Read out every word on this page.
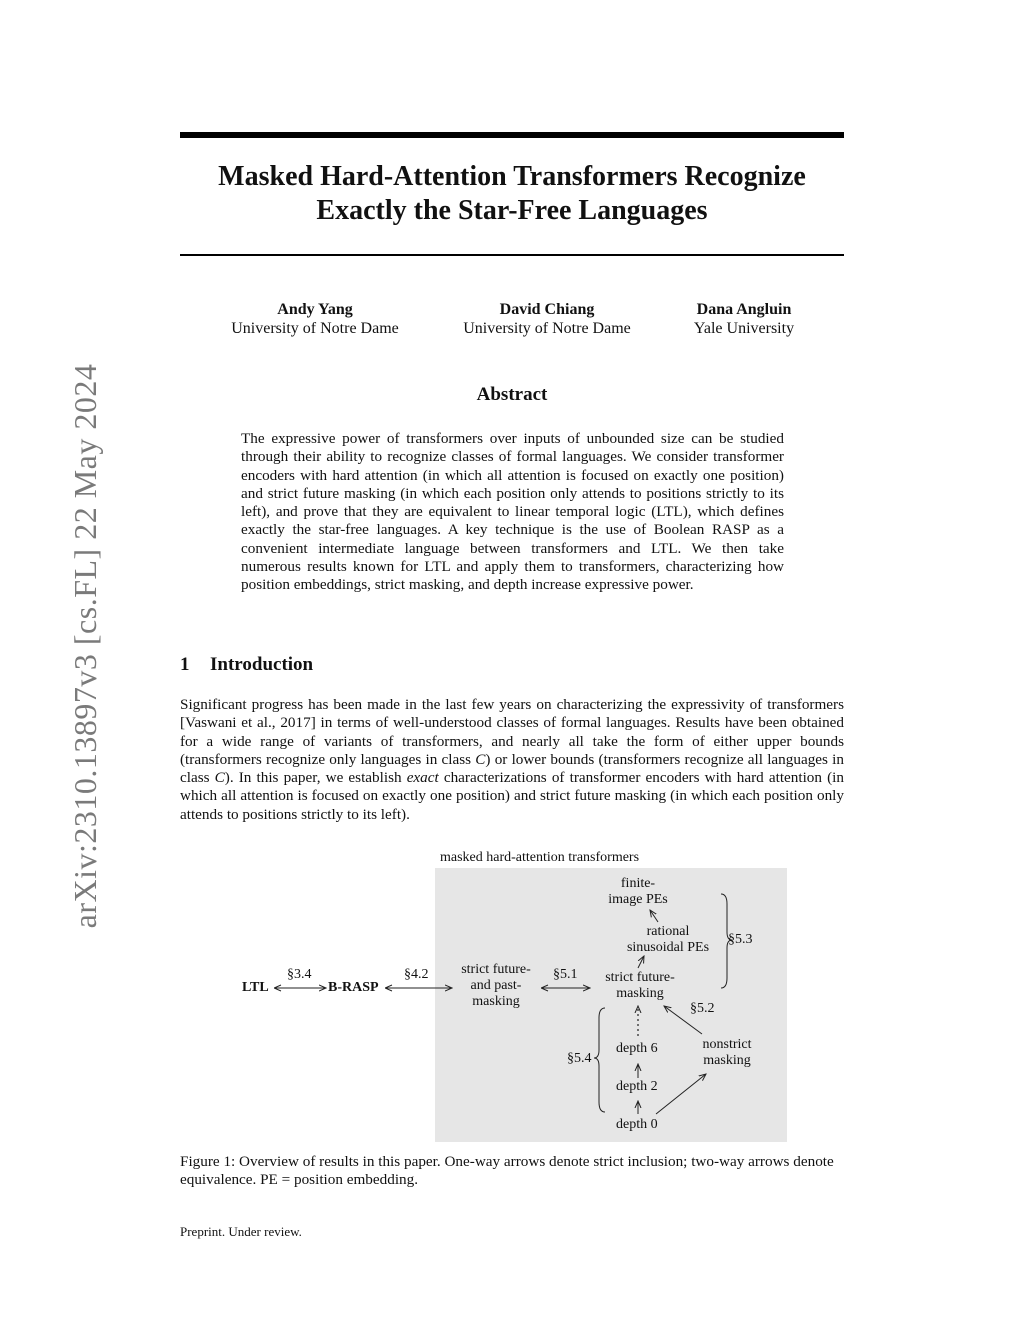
arXiv:2310.13897v3 [cs.FL] 22 May 2024
Masked Hard-Attention Transformers Recognize
Exactly the Star-Free Languages
Andy Yang
University of Notre Dame
David Chiang
University of Notre Dame
Dana Angluin
Yale University
Abstract
The expressive power of transformers over inputs of unbounded size can be studied through their ability to recognize classes of formal languages. We consider transformer encoders with hard attention (in which all attention is focused on exactly one position) and strict future masking (in which each position only attends to positions strictly to its left), and prove that they are equivalent to linear temporal logic (LTL), which defines exactly the star-free languages. A key technique is the use of Boolean RASP as a convenient intermediate language between transformers and LTL. We then take numerous results known for LTL and apply them to transformers, characterizing how position embeddings, strict masking, and depth increase expressive power.
1 Introduction
Significant progress has been made in the last few years on characterizing the expressivity of transformers [Vaswani et al., 2017] in terms of well-understood classes of formal languages. Results have been obtained for a wide range of variants of transformers, and nearly all take the form of either upper bounds (transformers recognize only languages in class C) or lower bounds (transformers recognize all languages in class C). In this paper, we establish exact characterizations of transformer encoders with hard attention (in which all attention is focused on exactly one position) and strict future masking (in which each position only attends to positions strictly to its left).
masked hard-attention transformers
LTL	B-RASP
§3.4	§4.2	§5.1
strict future-
and past-
masking
strict future-
masking
finite-
image PEs
rational
sinusoidal PEs
§5.3
§5.2
§5.4
nonstrict
masking
depth 6
depth 2
depth 0
Figure 1: Overview of results in this paper. One-way arrows denote strict inclusion; two-way arrows denote equivalence. PE = position embedding.
Preprint. Under review.
